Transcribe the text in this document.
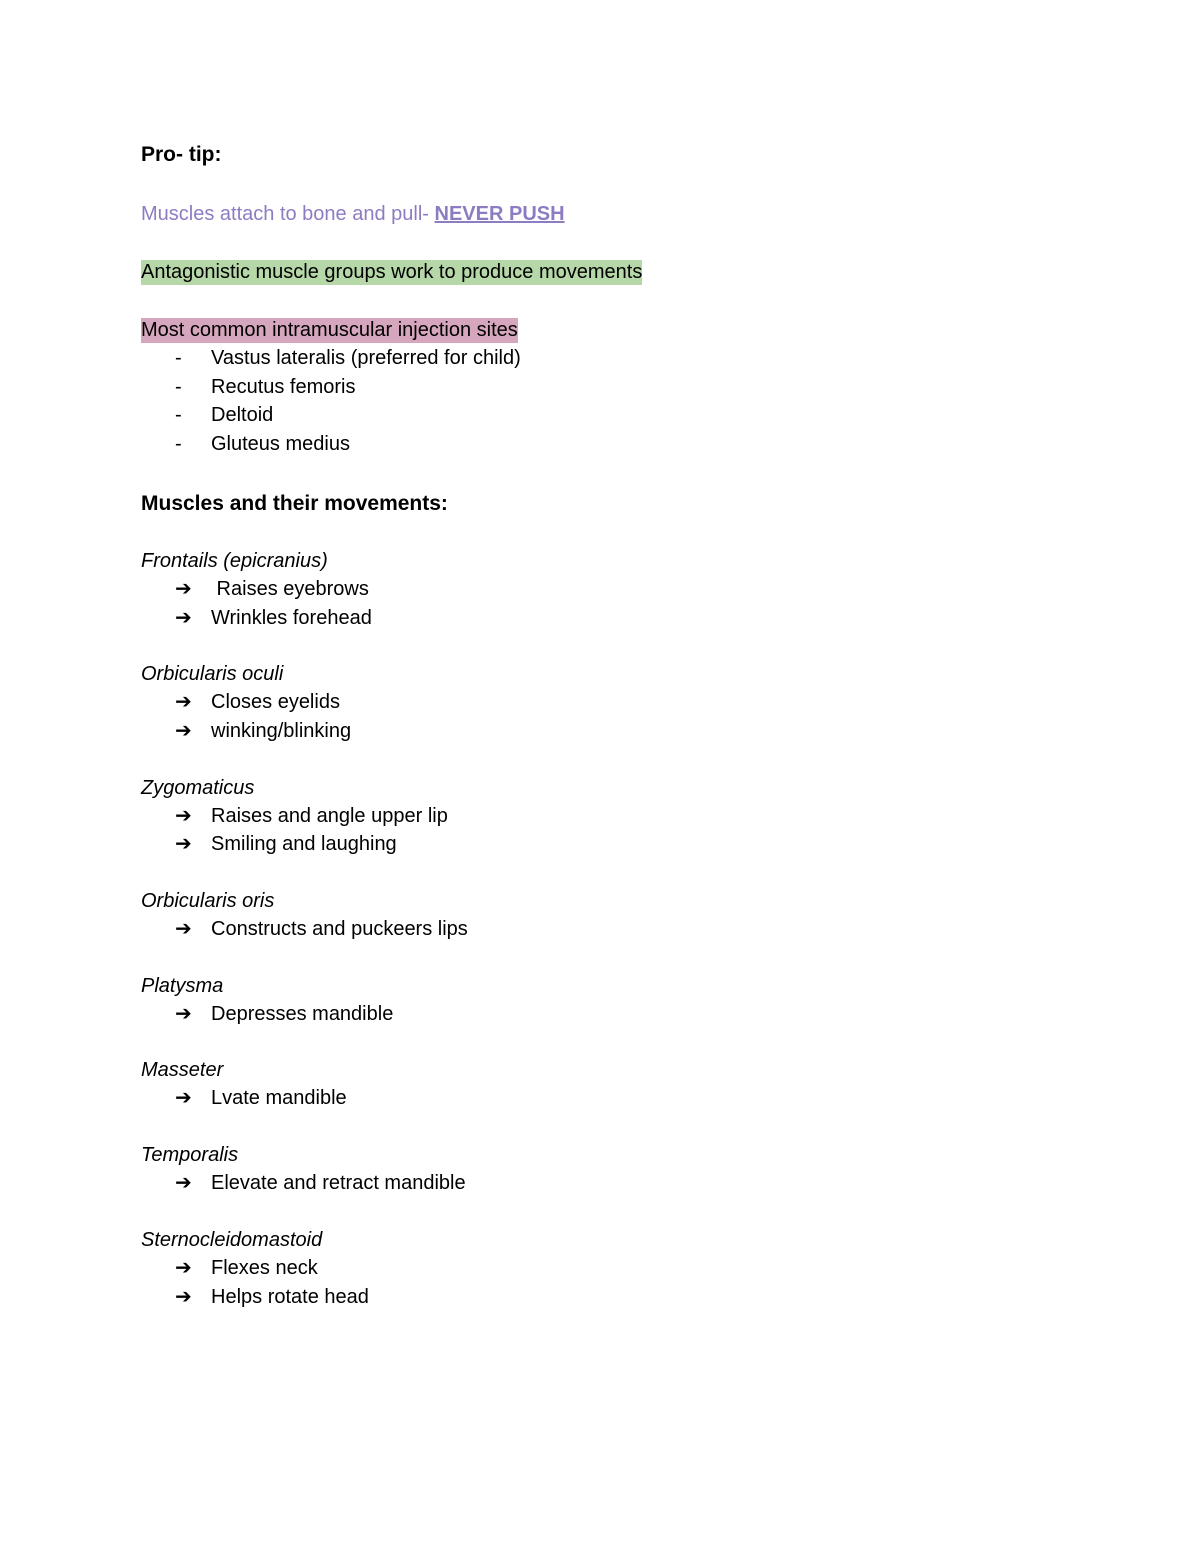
Pro- tip:
Muscles attach to bone and pull- NEVER PUSH
Antagonistic muscle groups work to produce movements
Most common intramuscular injection sites
-	Vastus lateralis (preferred for child)
-	Recutus femoris
-	Deltoid
-	Gluteus medius
Muscles and their movements:
Frontails (epicranius)
➔ Raises eyebrows
➔ Wrinkles forehead
Orbicularis oculi
➔ Closes eyelids
➔ winking/blinking
Zygomaticus
➔ Raises and angle upper lip
➔ Smiling and laughing
Orbicularis oris
➔ Constructs and puckeers lips
Platysma
➔ Depresses mandible
Masseter
➔ Lvate mandible
Temporalis
➔ Elevate and retract mandible
Sternocleidomastoid
➔ Flexes neck
➔ Helps rotate head
